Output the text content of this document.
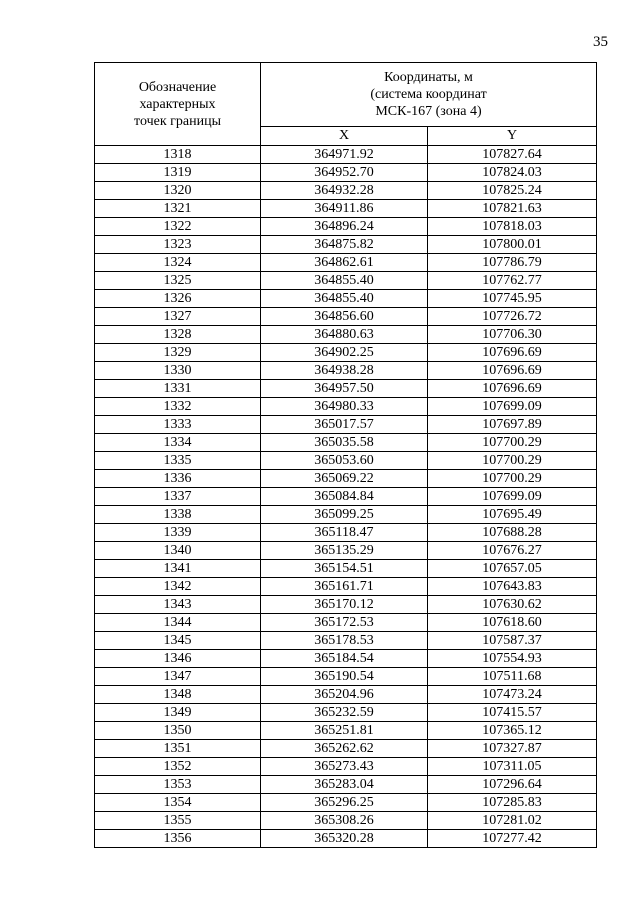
35
Обозначение
характерных
точек границы	Координаты, м
(система координат
МСК-167 (зона 4)	

	X	Y
1318	364971.92	107827.64
1319	364952.70	107824.03
1320	364932.28	107825.24
1321	364911.86	107821.63
1322	364896.24	107818.03
1323	364875.82	107800.01
1324	364862.61	107786.79
1325	364855.40	107762.77
1326	364855.40	107745.95
1327	364856.60	107726.72
1328	364880.63	107706.30
1329	364902.25	107696.69
1330	364938.28	107696.69
1331	364957.50	107696.69
1332	364980.33	107699.09
1333	365017.57	107697.89
1334	365035.58	107700.29
1335	365053.60	107700.29
1336	365069.22	107700.29
1337	365084.84	107699.09
1338	365099.25	107695.49
1339	365118.47	107688.28
1340	365135.29	107676.27
1341	365154.51	107657.05
1342	365161.71	107643.83
1343	365170.12	107630.62
1344	365172.53	107618.60
1345	365178.53	107587.37
1346	365184.54	107554.93
1347	365190.54	107511.68
1348	365204.96	107473.24
1349	365232.59	107415.57
1350	365251.81	107365.12
1351	365262.62	107327.87
1352	365273.43	107311.05
1353	365283.04	107296.64
1354	365296.25	107285.83
1355	365308.26	107281.02
1356	365320.28	107277.42
